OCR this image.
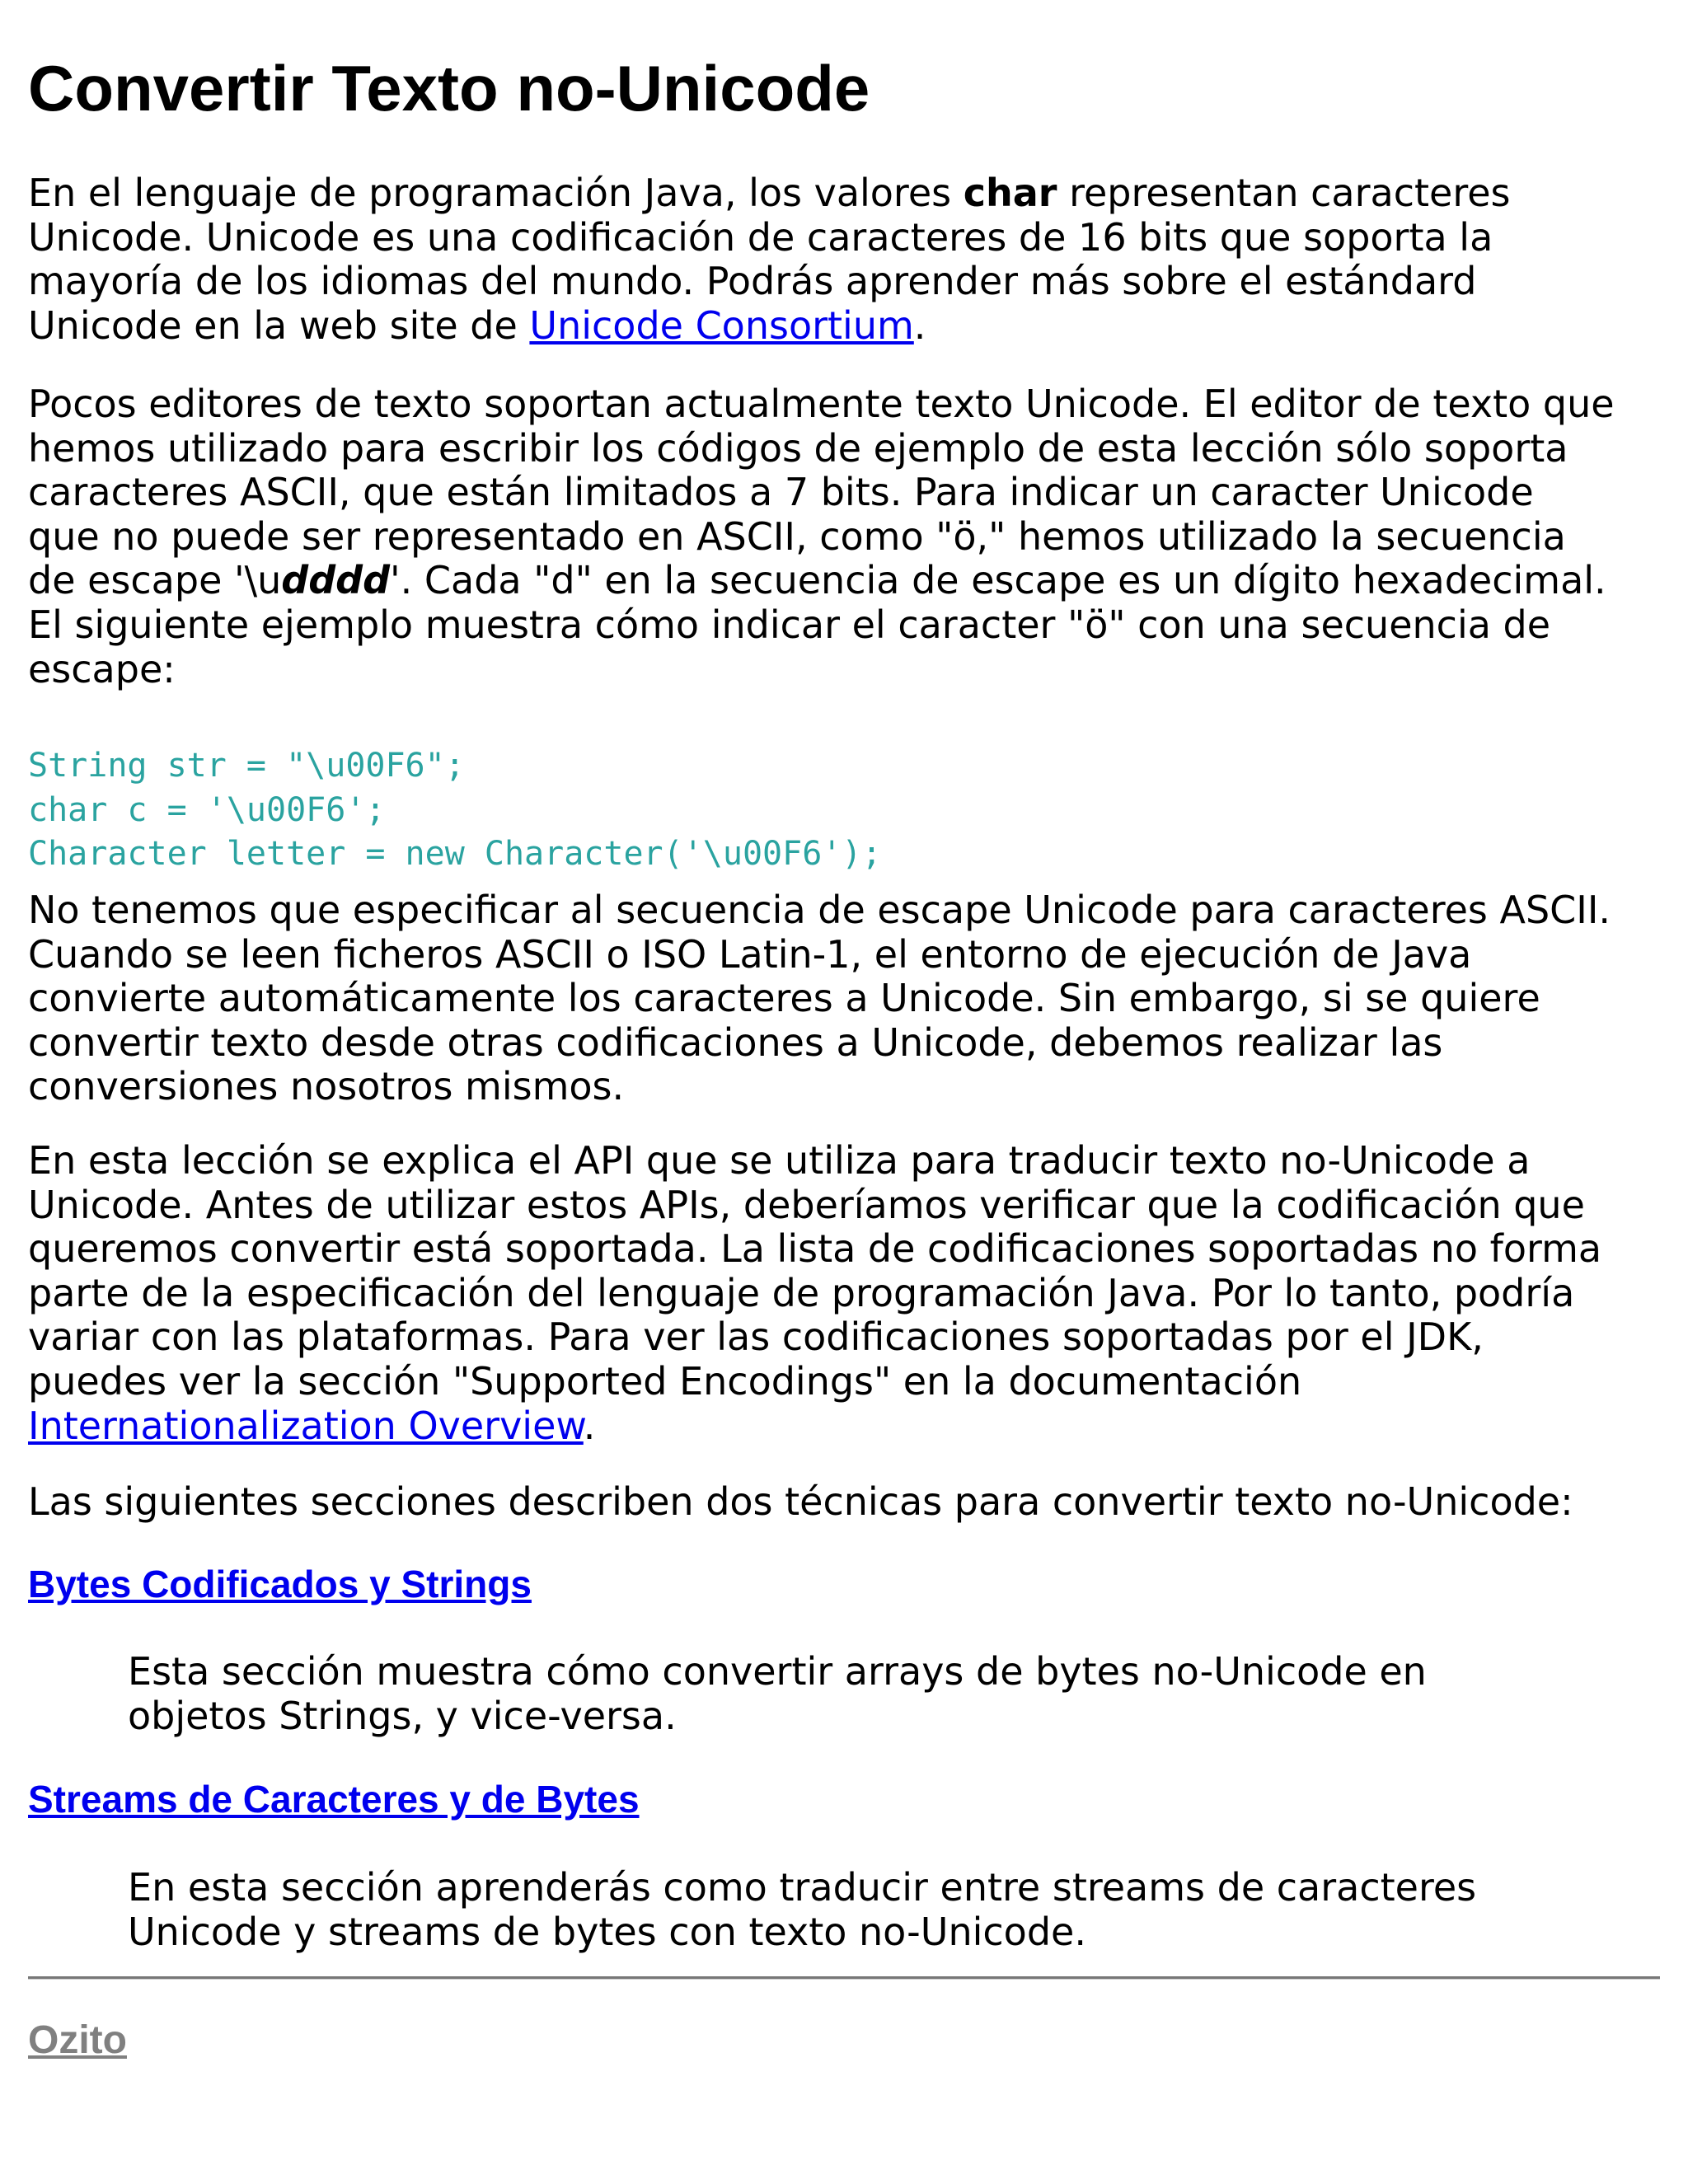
Convertir Texto no-Unicode
En el lenguaje de programación Java, los valores char representan caracteres
Unicode. Unicode es una codificación de caracteres de 16 bits que soporta la
mayoría de los idiomas del mundo. Podrás aprender más sobre el estándard
Unicode en la web site de Unicode Consortium.
Pocos editores de texto soportan actualmente texto Unicode. El editor de texto que
hemos utilizado para escribir los códigos de ejemplo de esta lección sólo soporta
caracteres ASCII, que están limitados a 7 bits. Para indicar un caracter Unicode
que no puede ser representado en ASCII, como "ö," hemos utilizado la secuencia
de escape '\udddd'. Cada "d" en la secuencia de escape es un dígito hexadecimal.
El siguiente ejemplo muestra cómo indicar el caracter "ö" con una secuencia de
escape:
String str = "\u00F6";
char c = '\u00F6';
Character letter = new Character('\u00F6');
No tenemos que especificar al secuencia de escape Unicode para caracteres ASCII.
Cuando se leen ficheros ASCII o ISO Latin-1, el entorno de ejecución de Java
convierte automáticamente los caracteres a Unicode. Sin embargo, si se quiere
convertir texto desde otras codificaciones a Unicode, debemos realizar las
conversiones nosotros mismos.
En esta lección se explica el API que se utiliza para traducir texto no-Unicode a
Unicode. Antes de utilizar estos APIs, deberíamos verificar que la codificación que
queremos convertir está soportada. La lista de codificaciones soportadas no forma
parte de la especificación del lenguaje de programación Java. Por lo tanto, podría
variar con las plataformas. Para ver las codificaciones soportadas por el JDK,
puedes ver la sección "Supported Encodings" en la documentación
Internationalization Overview.
Las siguientes secciones describen dos técnicas para convertir texto no-Unicode:
Bytes Codificados y Strings
Esta sección muestra cómo convertir arrays de bytes no-Unicode en
objetos Strings, y vice-versa.
Streams de Caracteres y de Bytes
En esta sección aprenderás como traducir entre streams de caracteres
Unicode y streams de bytes con texto no-Unicode.
Ozito
